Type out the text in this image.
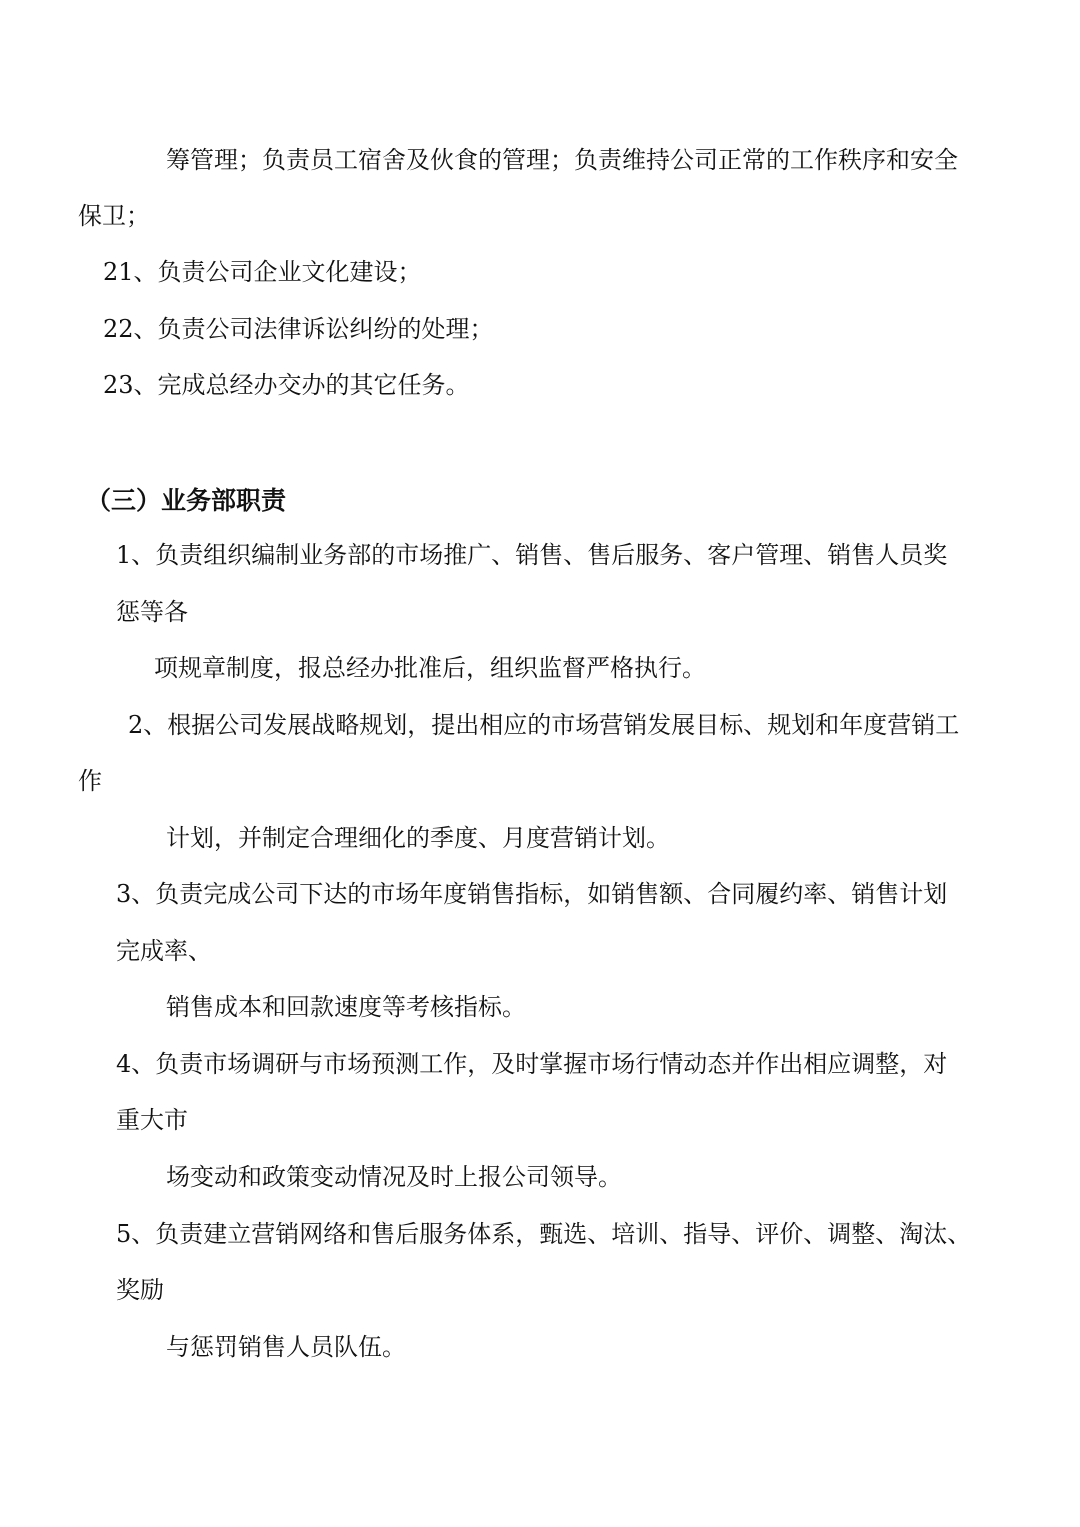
筹管理；负责员工宿舍及伙食的管理；负责维持公司正常的工作秩序和安全
保卫；
21、负责公司企业文化建设；
22、负责公司法律诉讼纠纷的处理；
23、完成总经办交办的其它任务。
（三）业务部职责
1、负责组织编制业务部的市场推广、销售、售后服务、客户管理、销售人员奖
惩等各
项规章制度，报总经办批准后，组织监督严格执行。
2、根据公司发展战略规划，提出相应的市场营销发展目标、规划和年度营销工
作
计划，并制定合理细化的季度、月度营销计划。
3、负责完成公司下达的市场年度销售指标，如销售额、合同履约率、销售计划
完成率、
销售成本和回款速度等考核指标。
4、负责市场调研与市场预测工作，及时掌握市场行情动态并作出相应调整，对
重大市
场变动和政策变动情况及时上报公司领导。
5、负责建立营销网络和售后服务体系，甄选、培训、指导、评价、调整、淘汰、
奖励
与惩罚销售人员队伍。
